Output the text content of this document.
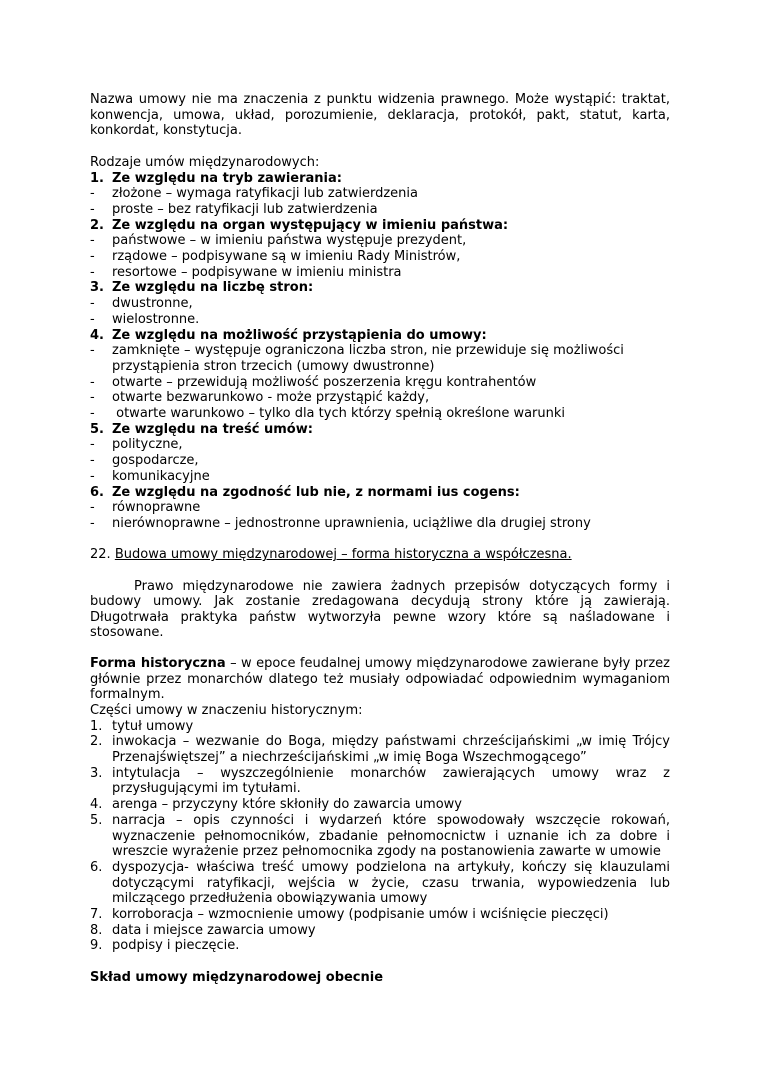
Nazwa umowy nie ma znaczenia z punktu widzenia prawnego. Może wystąpić: traktat, konwencja, umowa, układ, porozumienie, deklaracja, protokół, pakt, statut, karta, konkordat, konstytucja.

Rodzaje umów międzynarodowych:

1. Ze względu na tryb zawierania:
-	złożone – wymaga ratyfikacji lub zatwierdzenia
-	proste – bez ratyfikacji lub zatwierdzenia
2. Ze względu na organ występujący w imieniu państwa:
-	państwowe – w imieniu państwa występuje prezydent,
-	rządowe – podpisywane są w imieniu Rady Ministrów,
-	resortowe – podpisywane w imieniu ministra
3. Ze względu na liczbę stron:
-	dwustronne,
-	wielostronne.
4. Ze względu na możliwość przystąpienia do umowy:
-	zamknięte – występuje ograniczona liczba stron, nie przewiduje się możliwości przystąpienia stron trzecich (umowy dwustronne)
-	otwarte – przewidują możliwość poszerzenia kręgu kontrahentów
-	otwarte bezwarunkowo - może przystąpić każdy,
-	otwarte warunkowo – tylko dla tych którzy spełnią określone warunki
5. Ze względu na treść umów:
-	polityczne,
-	gospodarcze,
-	komunikacyjne
6. Ze względu na zgodność lub nie, z normami ius cogens:
-	równoprawne
-	nierównoprawne – jednostronne uprawnienia, uciążliwe dla drugiej strony

22. Budowa umowy międzynarodowej – forma historyczna a współczesna.

Prawo międzynarodowe nie zawiera żadnych przepisów dotyczących formy i budowy umowy. Jak zostanie zredagowana decydują strony które ją zawierają. Długotrwała praktyka państw wytworzyła pewne wzory które są naśladowane i stosowane.

Forma historyczna – w epoce feudalnej umowy międzynarodowe zawierane były przez głównie przez monarchów dlatego też musiały odpowiadać odpowiednim wymaganiom formalnym.

Części umowy w znaczeniu historycznym:

1. tytuł umowy
2. inwokacja – wezwanie do Boga, między państwami chrześcijańskimi „w imię Trójcy Przenajświętszej” a niechrześcijańskimi „w imię Boga Wszechmogącego”
3. intytulacja – wyszczególnienie monarchów zawierających umowy wraz z przysługującymi im tytułami.
4. arenga – przyczyny które skłoniły do zawarcia umowy
5. narracja – opis czynności i wydarzeń które spowodowały wszczęcie rokowań, wyznaczenie pełnomocników, zbadanie pełnomocnictw i uznanie ich za dobre i wreszcie wyrażenie przez pełnomocnika zgody na postanowienia zawarte w umowie
6. dyspozycja- właściwa treść umowy podzielona na artykuły, kończy się klauzulami dotyczącymi ratyfikacji, wejścia w życie, czasu trwania, wypowiedzenia lub milczącego przedłużenia obowiązywania umowy
7. korroboracja – wzmocnienie umowy (podpisanie umów i wciśnięcie pieczęci)
8. data i miejsce zawarcia umowy
9. podpisy i pieczęcie.

Skład umowy międzynarodowej obecnie
